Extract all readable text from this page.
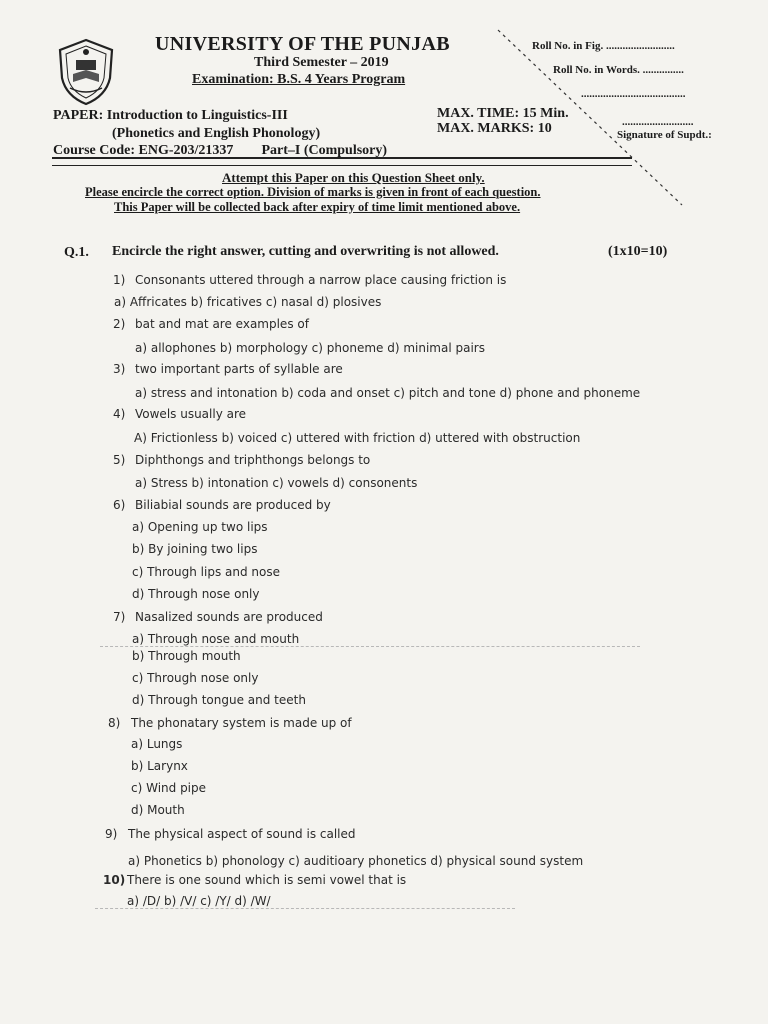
UNIVERSITY OF THE PUNJAB
Third Semester – 2019
Examination: B.S. 4 Years Program
PAPER: Introduction to Linguistics-III
(Phonetics and English Phonology)
Course Code: ENG-203/21337 Part–I (Compulsory)
MAX. TIME: 15 Min.
MAX. MARKS: 10
Roll No. in Fig. .........................
Roll No. in Words. ...............
......................................
..........................
Signature of Supdt.:
Attempt this Paper on this Question Sheet only.
Please encircle the correct option. Division of marks is given in front of each question.
This Paper will be collected back after expiry of time limit mentioned above.
Q.1. Encircle the right answer, cutting and overwriting is not allowed.	(1x10=10)
1) Consonants uttered through a narrow place causing friction is
a) Affricates b) fricatives c) nasal d) plosives
2) bat and mat are examples of
a) allophones b) morphology c) phoneme d) minimal pairs
3) two important parts of syllable are
a) stress and intonation b) coda and onset c) pitch and tone d) phone and phoneme
4) Vowels usually are
A) Frictionless b) voiced c) uttered with friction d) uttered with obstruction
5) Diphthongs and triphthongs belongs to
a) Stress b) intonation c) vowels d) consonents
6) Biliabial sounds are produced by
a) Opening up two lips
b) By joining two lips
c) Through lips and nose
d) Through nose only
7) Nasalized sounds are produced
a) Through nose and mouth
b) Through mouth
c) Through nose only
d) Through tongue and teeth
8) The phonatary system is made up of
a) Lungs
b) Larynx
c) Wind pipe
d) Mouth
9) The physical aspect of sound is called
a) Phonetics b) phonology c) auditioary phonetics d) physical sound system
10) There is one sound which is semi vowel that is
a) /D/ b) /V/ c) /Y/ d) /W/
